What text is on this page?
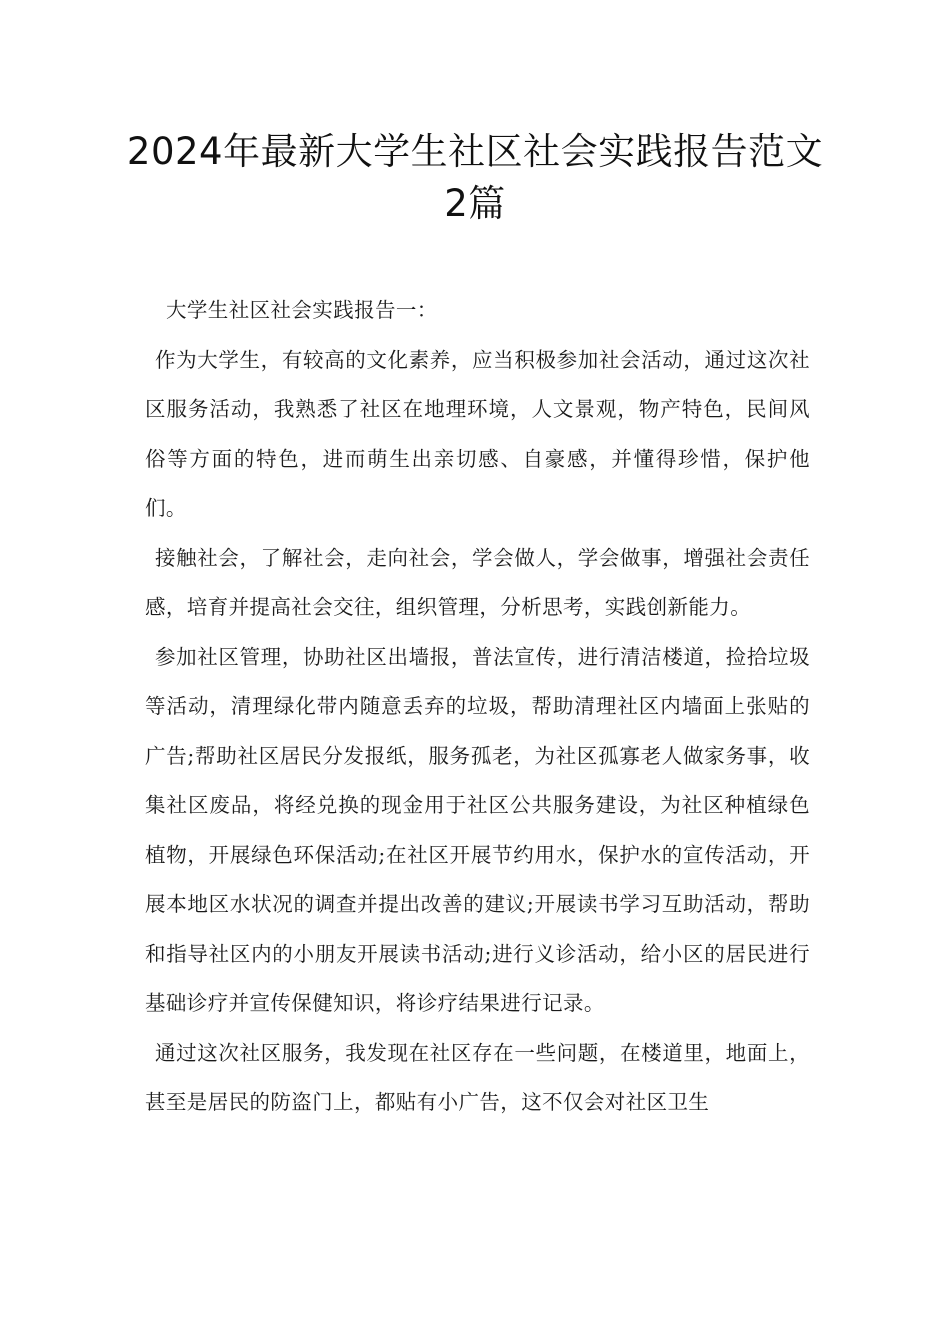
2024年最新大学生社区社会实践报告范文2篇

大学生社区社会实践报告一：

作为大学生，有较高的文化素养，应当积极参加社会活动，通过这次社区服务活动，我熟悉了社区在地理环境，人文景观，物产特色，民间风俗等方面的特色，进而萌生出亲切感、自豪感，并懂得珍惜，保护他们。

接触社会，了解社会，走向社会，学会做人，学会做事，增强社会责任感，培育并提高社会交往，组织管理，分析思考，实践创新能力。

参加社区管理，协助社区出墙报，普法宣传，进行清洁楼道，捡拾垃圾等活动，清理绿化带内随意丢弃的垃圾，帮助清理社区内墙面上张贴的广告;帮助社区居民分发报纸，服务孤老，为社区孤寡老人做家务事，收集社区废品，将经兑换的现金用于社区公共服务建设，为社区种植绿色植物，开展绿色环保活动;在社区开展节约用水，保护水的宣传活动，开展本地区水状况的调查并提出改善的建议;开展读书学习互助活动，帮助和指导社区内的小朋友开展读书活动;进行义诊活动，给小区的居民进行基础诊疗并宣传保健知识，将诊疗结果进行记录。

通过这次社区服务，我发现在社区存在一些问题，在楼道里，地面上，甚至是居民的防盗门上，都贴有小广告，这不仅会对社区卫生
